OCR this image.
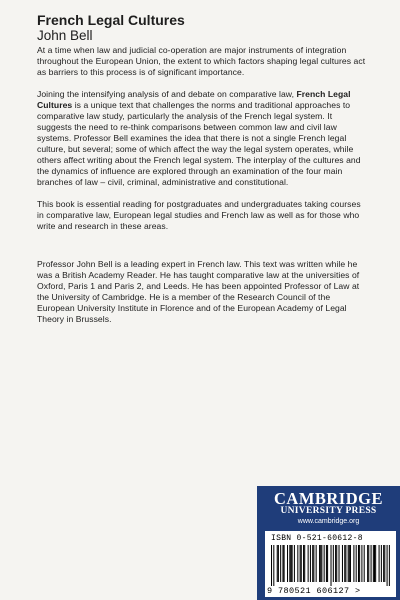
French Legal Cultures
John Bell

At a time when law and judicial co-operation are major instruments of integration throughout the European Union, the extent to which factors shaping legal cultures act as barriers to this process is of significant importance.

Joining the intensifying analysis of and debate on comparative law, French Legal Cultures is a unique text that challenges the norms and traditional approaches to comparative law study, particularly the analysis of the French legal system. It suggests the need to re-think comparisons between common law and civil law systems. Professor Bell examines the idea that there is not a single French legal culture, but several; some of which affect the way the legal system operates, while others affect writing about the French legal system. The interplay of the cultures and the dynamics of influence are explored through an examination of the four main branches of law – civil, criminal, administrative and constitutional.

This book is essential reading for postgraduates and undergraduates taking courses in comparative law, European legal studies and French law as well as for those who write and research in these areas.

Professor John Bell is a leading expert in French law. This text was written while he was a British Academy Reader. He has taught comparative law at the universities of Oxford, Paris 1 and Paris 2, and Leeds. He has been appointed Professor of Law at the University of Cambridge. He is a member of the Research Council of the European University Institute in Florence and of the European Academy of Legal Theory in Brussels.

CAMBRIDGE
UNIVERSITY PRESS
www.cambridge.org
ISBN 0-521-60612-8
9 780521 606127 >
